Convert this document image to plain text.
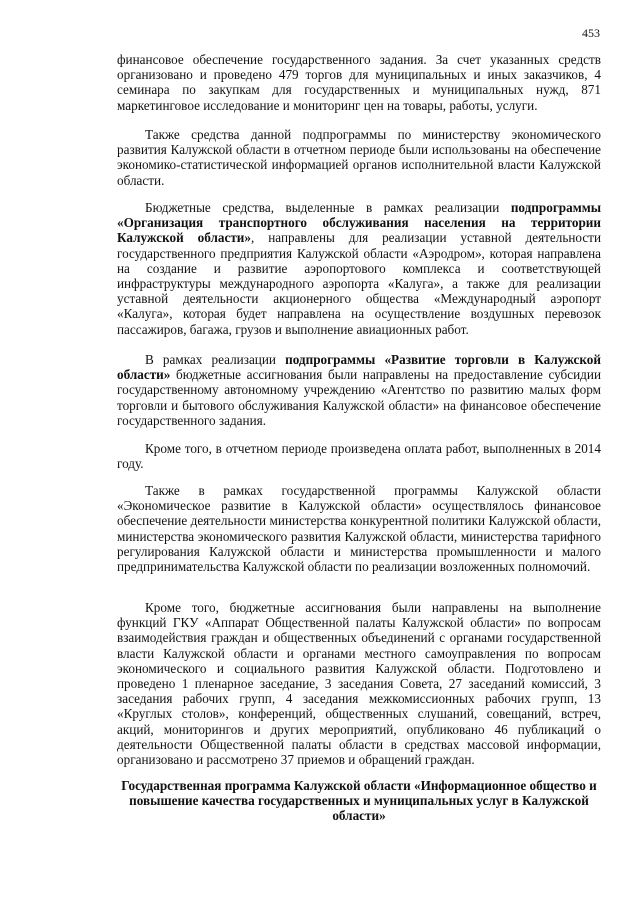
453

финансовое обеспечение государственного задания. За счет указанных средств организовано и проведено 479 торгов для муниципальных и иных заказчиков, 4 семинара по закупкам для государственных и муниципальных нужд, 871 маркетинговое исследование и мониторинг цен на товары, работы, услуги.

Также средства данной подпрограммы по министерству экономического развития Калужской области в отчетном периоде были использованы на обеспечение экономико-статистической информацией органов исполнительной власти Калужской области.

Бюджетные средства, выделенные в рамках реализации подпрограммы «Организация транспортного обслуживания населения на территории Калужской области», направлены для реализации уставной деятельности государственного предприятия Калужской области «Аэродром», которая направлена на создание и развитие аэропортового комплекса и соответствующей инфраструктуры международного аэропорта «Калуга», а также для реализации уставной деятельности акционерного общества «Международный аэропорт «Калуга», которая будет направлена на осуществление воздушных перевозок пассажиров, багажа, грузов и выполнение авиационных работ.

В рамках реализации подпрограммы «Развитие торговли в Калужской области» бюджетные ассигнования были направлены на предоставление субсидии государственному автономному учреждению «Агентство по развитию малых форм торговли и бытового обслуживания Калужской области» на финансовое обеспечение государственного задания.

Кроме того, в отчетном периоде произведена оплата работ, выполненных в 2014 году.

Также в рамках государственной программы Калужской области «Экономическое развитие в Калужской области» осуществлялось финансовое обеспечение деятельности министерства конкурентной политики Калужской области, министерства экономического развития Калужской области, министерства тарифного регулирования Калужской области и министерства промышленности и малого предпринимательства Калужской области по реализации возложенных полномочий.

Кроме того, бюджетные ассигнования были направлены на выполнение функций ГКУ «Аппарат Общественной палаты Калужской области» по вопросам взаимодействия граждан и общественных объединений с органами государственной власти Калужской области и органами местного самоуправления по вопросам экономического и социального развития Калужской области. Подготовлено и проведено 1 пленарное заседание, 3 заседания Совета, 27 заседаний комиссий, 3 заседания рабочих групп, 4 заседания межкомиссионных рабочих групп, 13 «Круглых столов», конференций, общественных слушаний, совещаний, встреч, акций, мониторингов и других мероприятий, опубликовано 46 публикаций о деятельности Общественной палаты области в средствах массовой информации, организовано и рассмотрено 37 приемов и обращений граждан.

Государственная программа Калужской области «Информационное общество и повышение качества государственных и муниципальных услуг в Калужской области»
